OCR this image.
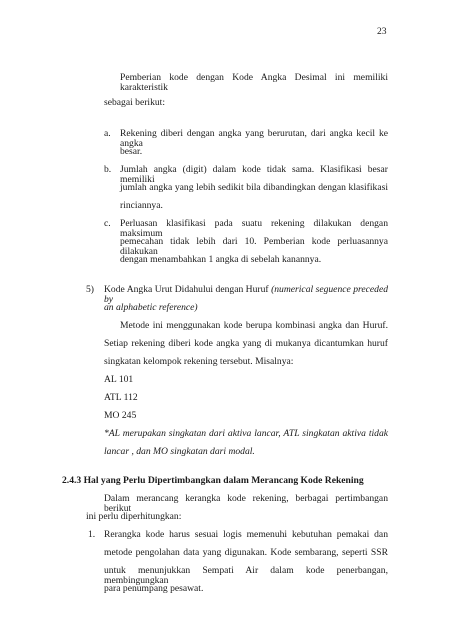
23
Pemberian kode dengan Kode Angka Desimal ini memiliki karakteristik
sebagai berikut:
a. Rekening diberi dengan angka yang berurutan, dari angka kecil ke angka
besar.
b. Jumlah angka (digit) dalam kode tidak sama. Klasifikasi besar memiliki
jumlah angka yang lebih sedikit bila dibandingkan dengan klasifikasi
rinciannya.
c. Perluasan klasifikasi pada suatu rekening dilakukan dengan maksimum
pemecahan tidak lebih dari 10. Pemberian kode perluasannya dilakukan
dengan menambahkan 1 angka di sebelah kanannya.
5) Kode Angka Urut Didahului dengan Huruf (numerical seguence preceded by
an alphabetic reference)
Metode ini menggunakan kode berupa kombinasi angka dan Huruf.
Setiap rekening diberi kode angka yang di mukanya dicantumkan huruf
singkatan kelompok rekening tersebut. Misalnya:
AL 101
ATL 112
MO 245
*AL merupakan singkatan dari aktiva lancar, ATL singkatan aktiva tidak
lancar , dan MO singkatan dari modal.
2.4.3 Hal yang Perlu Dipertimbangkan dalam Merancang Kode Rekening
Dalam merancang kerangka kode rekening, berbagai pertimbangan berikut
ini perlu diperhitungkan:
1. Rerangka kode harus sesuai logis memenuhi kebutuhan pemakai dan
metode pengolahan data yang digunakan. Kode sembarang, seperti SSR
untuk menunjukkan Sempati Air dalam kode penerbangan, membingungkan
para penumpang pesawat.
